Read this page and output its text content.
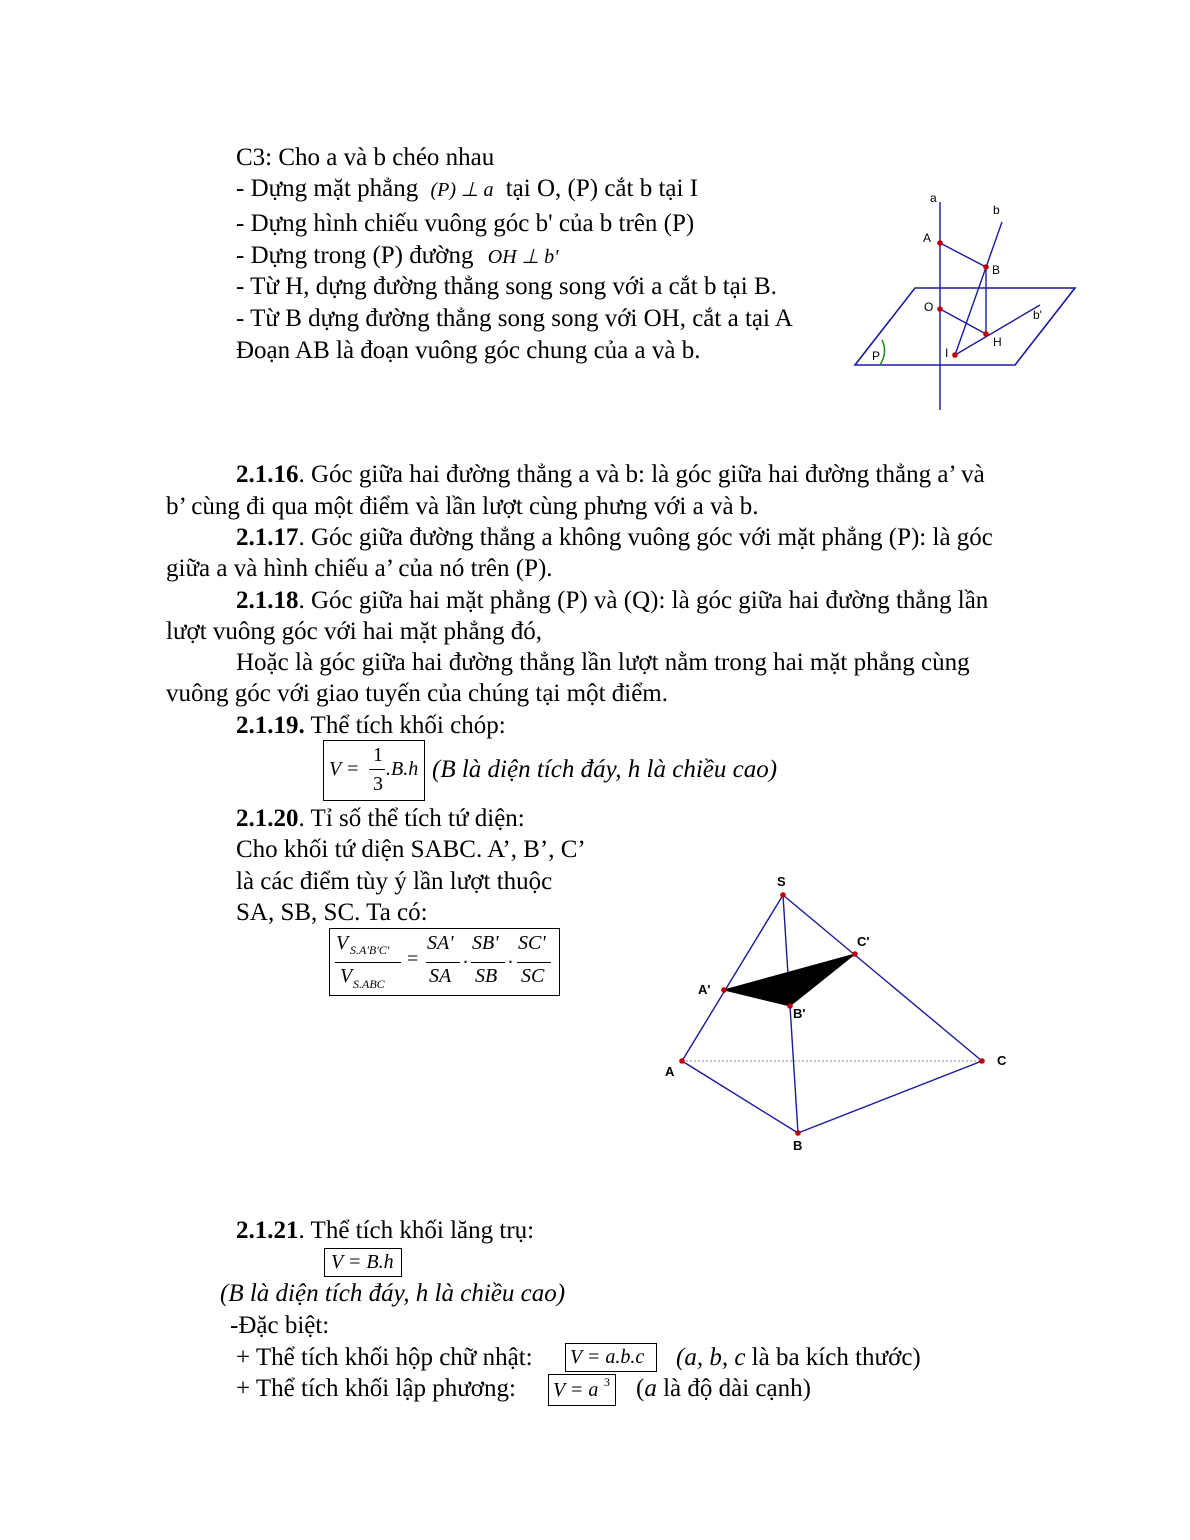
C3: Cho a và b chéo nhau
- Dựng mặt phẳng (P) ⊥ a tại O, (P) cắt b tại I
- Dựng hình chiếu vuông góc b' của b trên (P)
- Dựng trong (P) đường OH ⊥ b'
- Từ H, dựng đường thẳng song song với a cắt b tại B.
- Từ B dựng đường thẳng song song với OH, cắt a tại A
Đoạn AB là đoạn vuông góc chung của a và b.
a
b
A
B
O
b'
H
I
P
2.1.16. Góc giữa hai đường thẳng a và b: là góc giữa hai đường thẳng a’ và
b’ cùng đi qua một điểm và lần lượt cùng phưng với a và b.
2.1.17. Góc giữa đường thẳng a không vuông góc với mặt phẳng (P): là góc
giữa a và hình chiếu a’ của nó trên (P).
2.1.18. Góc giữa hai mặt phẳng (P) và (Q): là góc giữa hai đường thẳng lần
lượt vuông góc với hai mặt phẳng đó,
Hoặc là góc giữa hai đường thẳng lần lượt nằm trong hai mặt phẳng cùng
vuông góc với giao tuyến của chúng tại một điểm.
2.1.19. Thể tích khối chóp:
V =
1
3
.B.h (B là diện tích đáy, h là chiều cao)
2.1.20. Tỉ số thể tích tứ diện:
Cho khối tứ diện SABC. A’, B’, C’
là các điểm tùy ý lần lượt thuộc
SA, SB, SC. Ta có:
V S.A'B'C'
V S.ABC
=
SA'
SA
.
SB'
SB
.
SC'
SC
S
C'
A'
B'
A
C
B
2.1.21. Thể tích khối lăng trụ:
V = B.h
(B là diện tích đáy, h là chiều cao)
-Đặc biệt:
+ Thể tích khối hộp chữ nhật: V = a.b.c (a, b, c là ba kích thước)
+ Thể tích khối lập phương: V = a 3 (a là độ dài cạnh)
